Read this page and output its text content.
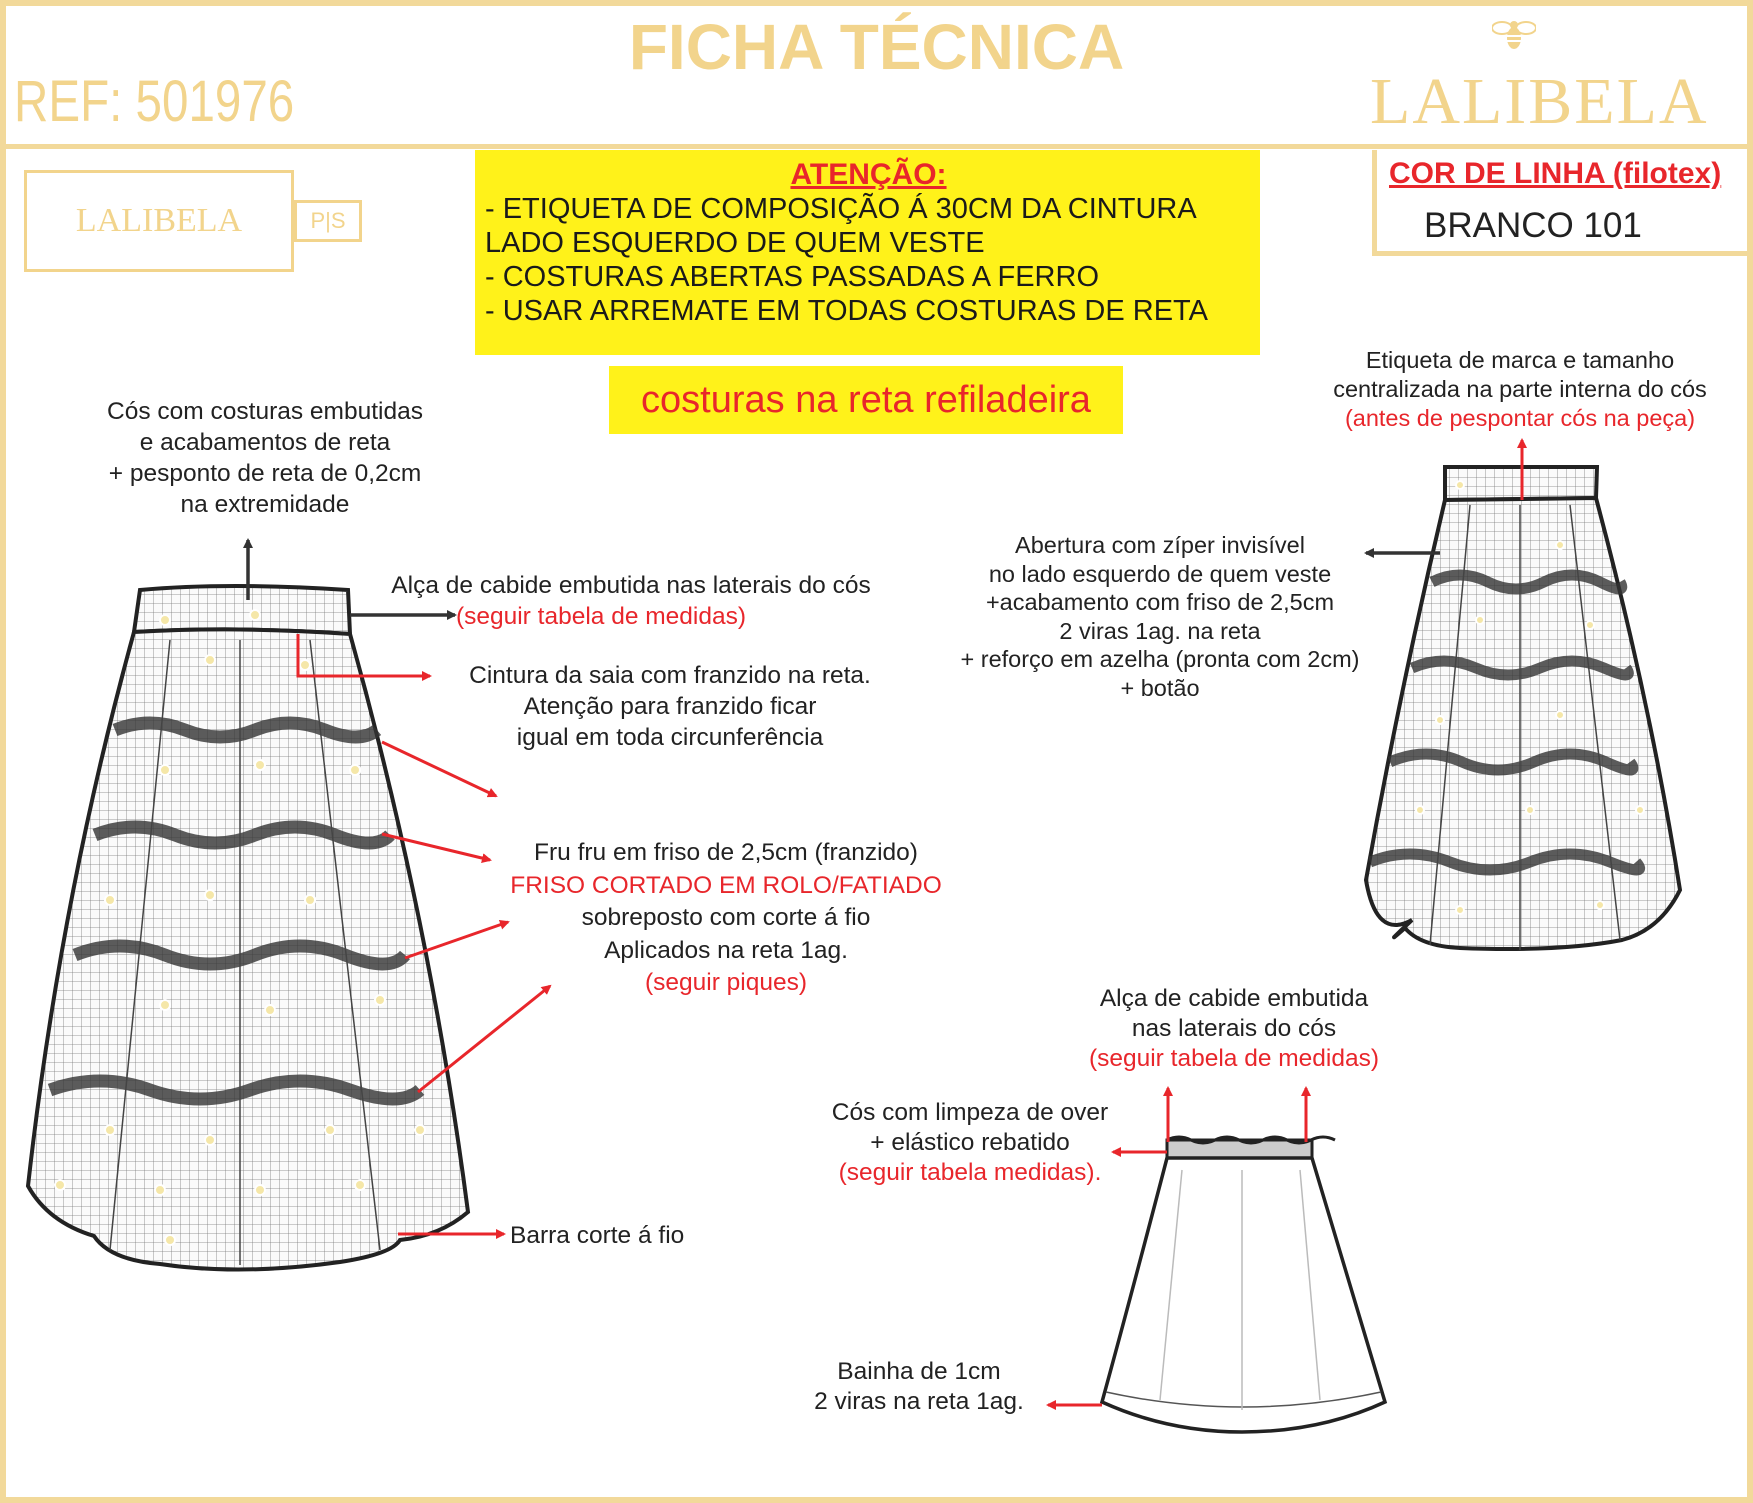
FICHA TÉCNICA
REF: 501976	LALIBELA
LALIBELA	P|S
ATENÇÃO:
- ETIQUETA DE COMPOSIÇÃO Á 30CM DA CINTURA
LADO ESQUERDO DE QUEM VESTE
- COSTURAS ABERTAS PASSADAS A FERRO
- USAR ARREMATE EM TODAS COSTURAS DE RETA
costuras na reta refiladeira
COR DE LINHA (filotex)
BRANCO 101
Cós com costuras embutidas
e acabamentos de reta
+ pesponto de reta de 0,2cm
na extremidade
Alça de cabide embutida nas laterais do cós
(seguir tabela de medidas)
Cintura da saia com franzido na reta.
Atenção para franzido ficar
igual em toda circunferência
Fru fru em friso de 2,5cm (franzido)
FRISO CORTADO EM ROLO/FATIADO
sobreposto com corte á fio
Aplicados na reta 1ag.
(seguir piques)
Barra corte á fio
Etiqueta de marca e tamanho
centralizada na parte interna do cós
(antes de pespontar cós na peça)
Abertura com zíper invisível
no lado esquerdo de quem veste
+acabamento com friso de 2,5cm
2 viras 1ag. na reta
+ reforço em azelha (pronta com 2cm)
+ botão
Alça de cabide embutida
nas laterais do cós
(seguir tabela de medidas)
Cós com limpeza de over
+ elástico rebatido
(seguir tabela medidas).
Bainha de 1cm
2 viras na reta 1ag.
